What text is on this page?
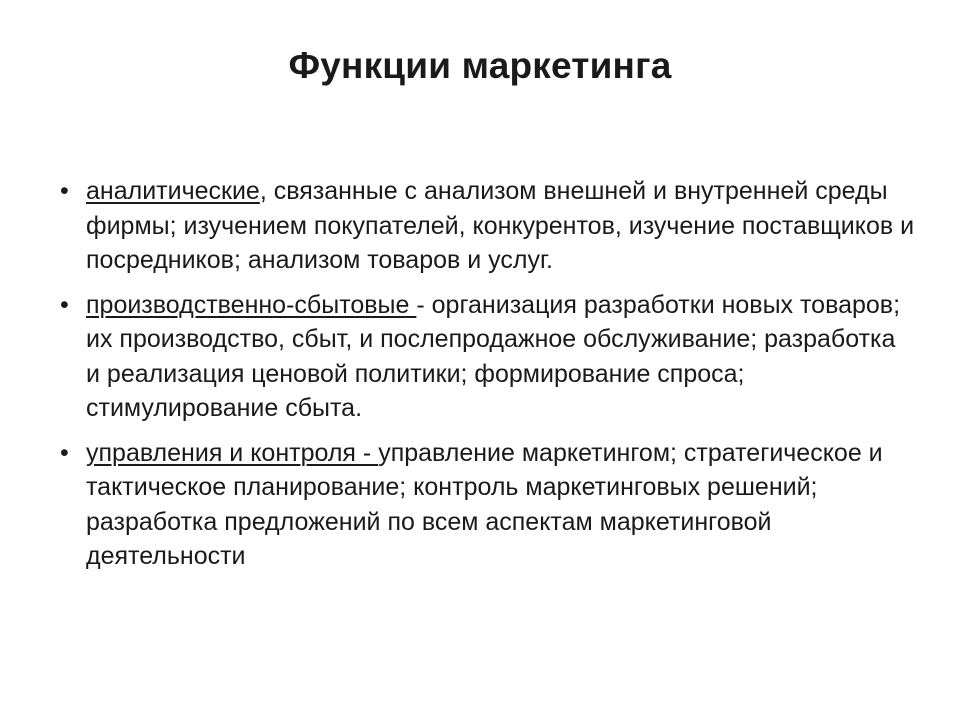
Функции маркетинга
• аналитические, связанные с анализом внешней и внутренней среды фирмы; изучением покупателей, конкурентов, изучение поставщиков и посредников; анализом товаров и услуг.
• производственно-сбытовые - организация разработки новых товаров; их производство, сбыт, и послепродажное обслуживание; разработка и реализация ценовой политики; формирование спроса; стимулирование сбыта.
• управления и контроля - управление маркетингом; стратегическое и тактическое планирование; контроль маркетинговых решений; разработка предложений по всем аспектам маркетинговой деятельности
